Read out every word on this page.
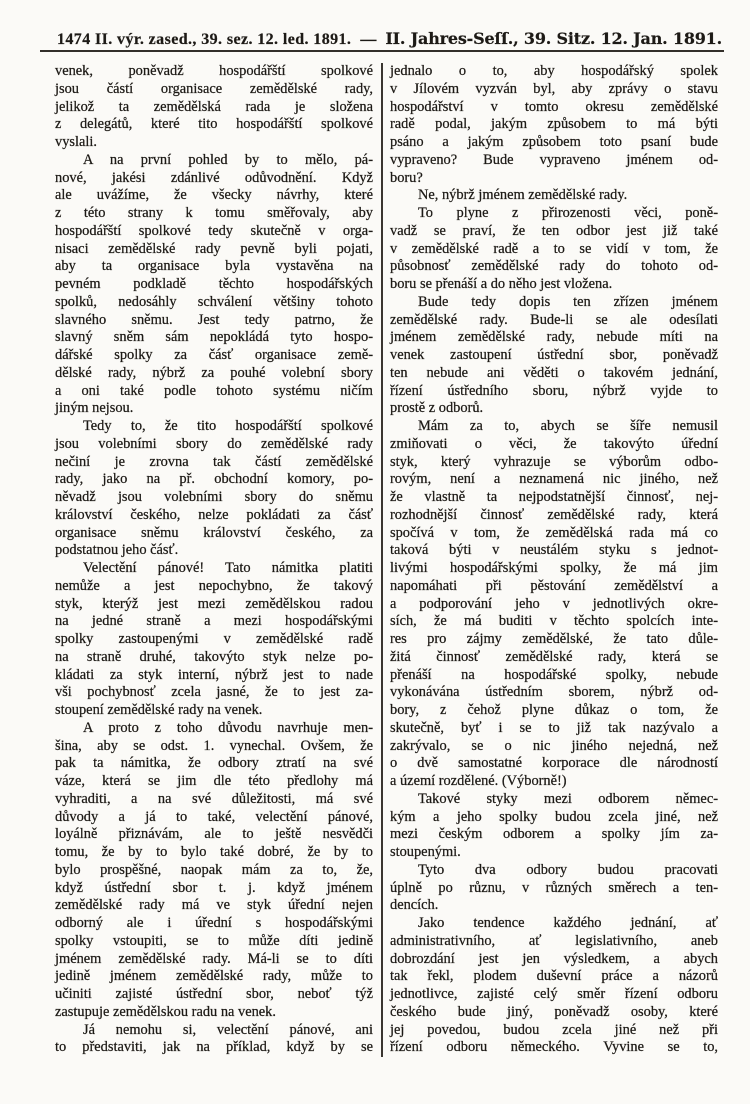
1474 II. výr. zased., 39. sez. 12. led. 1891. — II. Jahres-Seſſ., 39. Sitz. 12. Jan. 1891.
venek, poněvadž hospodářští spolkové
jsou částí organisace zemědělské rady,
jelikož ta zemědělská rada je složena
z delegátů, které tito hospodářští spolkové
vyslali.
A na první pohled by to mělo, pá-
nové, jakési zdánlivé odůvodnění. Když
ale uvážíme, že všecky návrhy, které
z této strany k tomu směřovaly, aby
hospodářští spolkové tedy skutečně v orga-
nisaci zemědělské rady pevně byli pojati,
aby ta organisace byla vystavěna na
pevném podkladě těchto hospodářských
spolků, nedosáhly schválení většiny tohoto
slavného sněmu. Jest tedy patrno, že
slavný sněm sám nepokládá tyto hospo-
dářské spolky za čásť organisace země-
dělské rady, nýbrž za pouhé volební sbory
a oni také podle tohoto systému ničím
jiným nejsou.
Tedy to, že tito hospodářští spolkové
jsou volebními sbory do zemědělské rady
nečiní je zrovna tak částí zemědělské
rady, jako na př. obchodní komory, po-
něvadž jsou volebními sbory do sněmu
království českého, nelze pokládati za čásť
organisace sněmu království českého, za
podstatnou jeho čásť.
Velectění pánové! Tato námitka platiti
nemůže a jest nepochybno, že takový
styk, kterýž jest mezi zemědělskou radou
na jedné straně a mezi hospodářskými
spolky zastoupenými v zemědělské radě
na straně druhé, takovýto styk nelze po-
kládati za styk interní, nýbrž jest to nade
vši pochybnosť zcela jasné, že to jest za-
stoupení zemědělské rady na venek.
A proto z toho důvodu navrhuje men-
šina, aby se odst. 1. vynechal. Ovšem, že
pak ta námitka, že odbory ztratí na své
váze, která se jim dle této předlohy má
vyhraditi, a na své důležitosti, má své
důvody a já to také, velectění pánové,
loyálně přiznávám, ale to ještě nesvědči
tomu, že by to bylo také dobré, že by to
bylo prospěšné, naopak mám za to, že,
když ústřední sbor t. j. když jménem
zemědělské rady má ve styk úřední nejen
odborný ale i úřední s hospodářskými
spolky vstoupiti, se to může díti jedině
jménem zemědělské rady. Má-li se to díti
jedině jménem zemědělské rady, může to
učiniti zajisté ústřední sbor, neboť týž
zastupuje zemědělskou radu na venek.
Já nemohu si, velectění pánové, ani
to představiti, jak na příklad, když by se
jednalo o to, aby hospodářský spolek
v Jílovém vyzván byl, aby zprávy o stavu
hospodářství v tomto okresu zemědělské
radě podal, jakým způsobem to má býti
psáno a jakým způsobem toto psaní bude
vypraveno? Bude vypraveno jménem od-
boru?
Ne, nýbrž jménem zemědělské rady.
To plyne z přirozenosti věci, poně-
vadž se praví, že ten odbor jest již také
v zemědělské radě a to se vidí v tom, že
působnosť zemědělské rady do tohoto od-
boru se přenáší a do něho jest vložena.
Bude tedy dopis ten zřízen jménem
zemědělské rady. Bude-li se ale odesílati
jménem zemědělské rady, nebude míti na
venek zastoupení ústřední sbor, poněvadž
ten nebude ani věděti o takovém jednání,
řízení ústředního sboru, nýbrž vyjde to
prostě z odborů.
Mám za to, abych se šíře nemusil
zmiňovati o věci, že takovýto úřední
styk, který vyhrazuje se výborům odbo-
rovým, není a neznamená nic jiného, než
že vlastně ta nejpodstatnější činnosť, nej-
rozhodnější činnosť zemědělské rady, která
spočívá v tom, že zemědělská rada má co
taková býti v neustálém styku s jednot-
livými hospodářskými spolky, že má jim
napomáhati při pěstování zemědělství a
a podporování jeho v jednotlivých okre-
sích, že má buditi v těchto spolcích inte-
res pro zájmy zemědělské, že tato důle-
žitá činnosť zemědělské rady, která se
přenáší na hospodářské spolky, nebude
vykonávána ústředním sborem, nýbrž od-
bory, z čehož plyne důkaz o tom, že
skutečně, byť i se to již tak nazývalo a
zakrývalo, se o nic jiného nejedná, než
o dvě samostatné korporace dle národností
a území rozdělené. (Výborně!)
Takové styky mezi odborem němec-
kým a jeho spolky budou zcela jiné, než
mezi českým odborem a spolky jím za-
stoupenými.
Tyto dva odbory budou pracovati
úplně po různu, v různých směrech a ten-
dencích.
Jako tendence každého jednání, ať
administrativního, ať legislativního, aneb
dobrozdání jest jen výsledkem, a abych
tak řekl, plodem duševní práce a názorů
jednotlivce, zajisté celý směr řízení odboru
českého bude jiný, poněvadž osoby, které
jej povedou, budou zcela jiné než při
řízení odboru německého. Vyvine se to,
